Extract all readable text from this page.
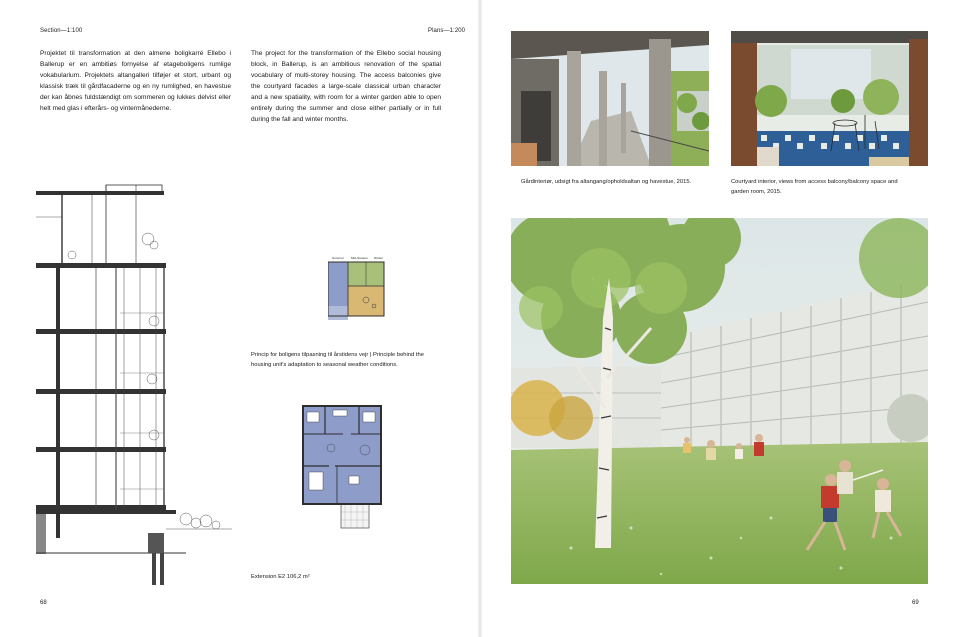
Section—1:100	Plans—1:200
Projektet til transformation at den almene boligkarré Ellebo i Ballerup er en ambitiøs fornyelse af etageboligens rumlige vokabularium. Projektets altangalleri tilføjer et stort, urbant og klassisk træk til gårdfacaderne og en ny rumlighed, en havestue der kan åbnes fuldstændigt om sommeren og lukkes delvist eller helt med glas i efterårs- og vintermånederne.
The project for the transformation of the Ellebo social housing block, in Ballerup, is an ambitious renovation of the spatial vocabulary of multi-storey housing. The access balconies give the courtyard facades a large-scale classical urban character and a new spatiality, with room for a winter garden able to open entirely during the summer and close either partially or in full during the fall and winter months.
Summer Mid-Season Winter
Princip for boligens tilpasning til årstidens vejr | Principle behind the housing unit's adaptation to seasonal weather conditions.
Extension E2 106,2 m²
68
Gårdinteriør, udsigt fra altangang/opholdsaltan og havestue, 2015.	Courtyard interior, views from access balcony/balcony space and garden room, 2015.
69
